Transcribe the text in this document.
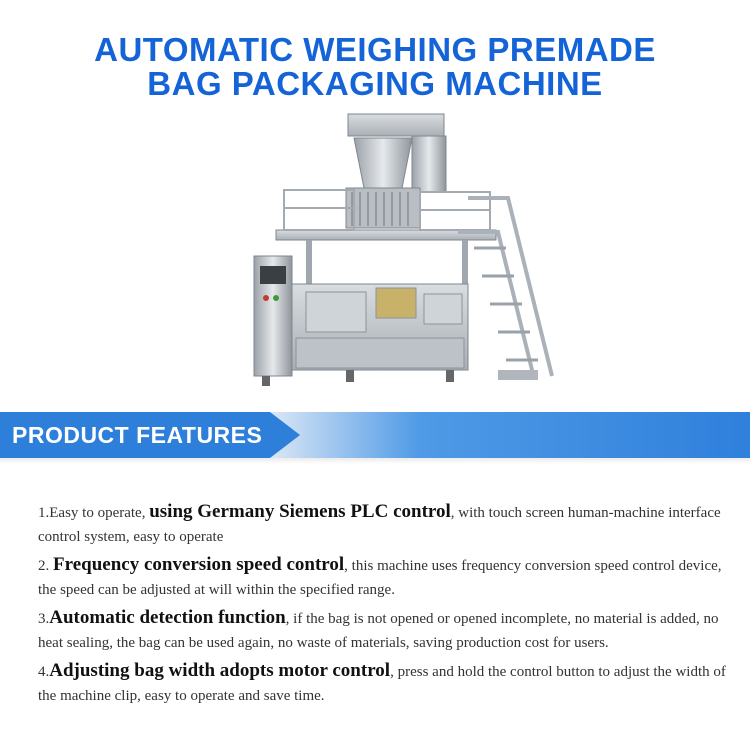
AUTOMATIC WEIGHING PREMADE
BAG PACKAGING MACHINE
PRODUCT FEATURES

1.Easy to operate, using Germany Siemens PLC control, with touch screen human-machine interface control system, easy to operate

2. Frequency conversion speed control, this machine uses frequency conversion speed control device, the speed can be adjusted at will within the specified range.

3.Automatic detection function, if the bag is not opened or opened incomplete, no material is added, no heat sealing, the bag can be used again, no waste of materials, saving production cost for users.

4.Adjusting bag width adopts motor control, press and hold the control button to adjust the width of the machine clip, easy to operate and save time.
